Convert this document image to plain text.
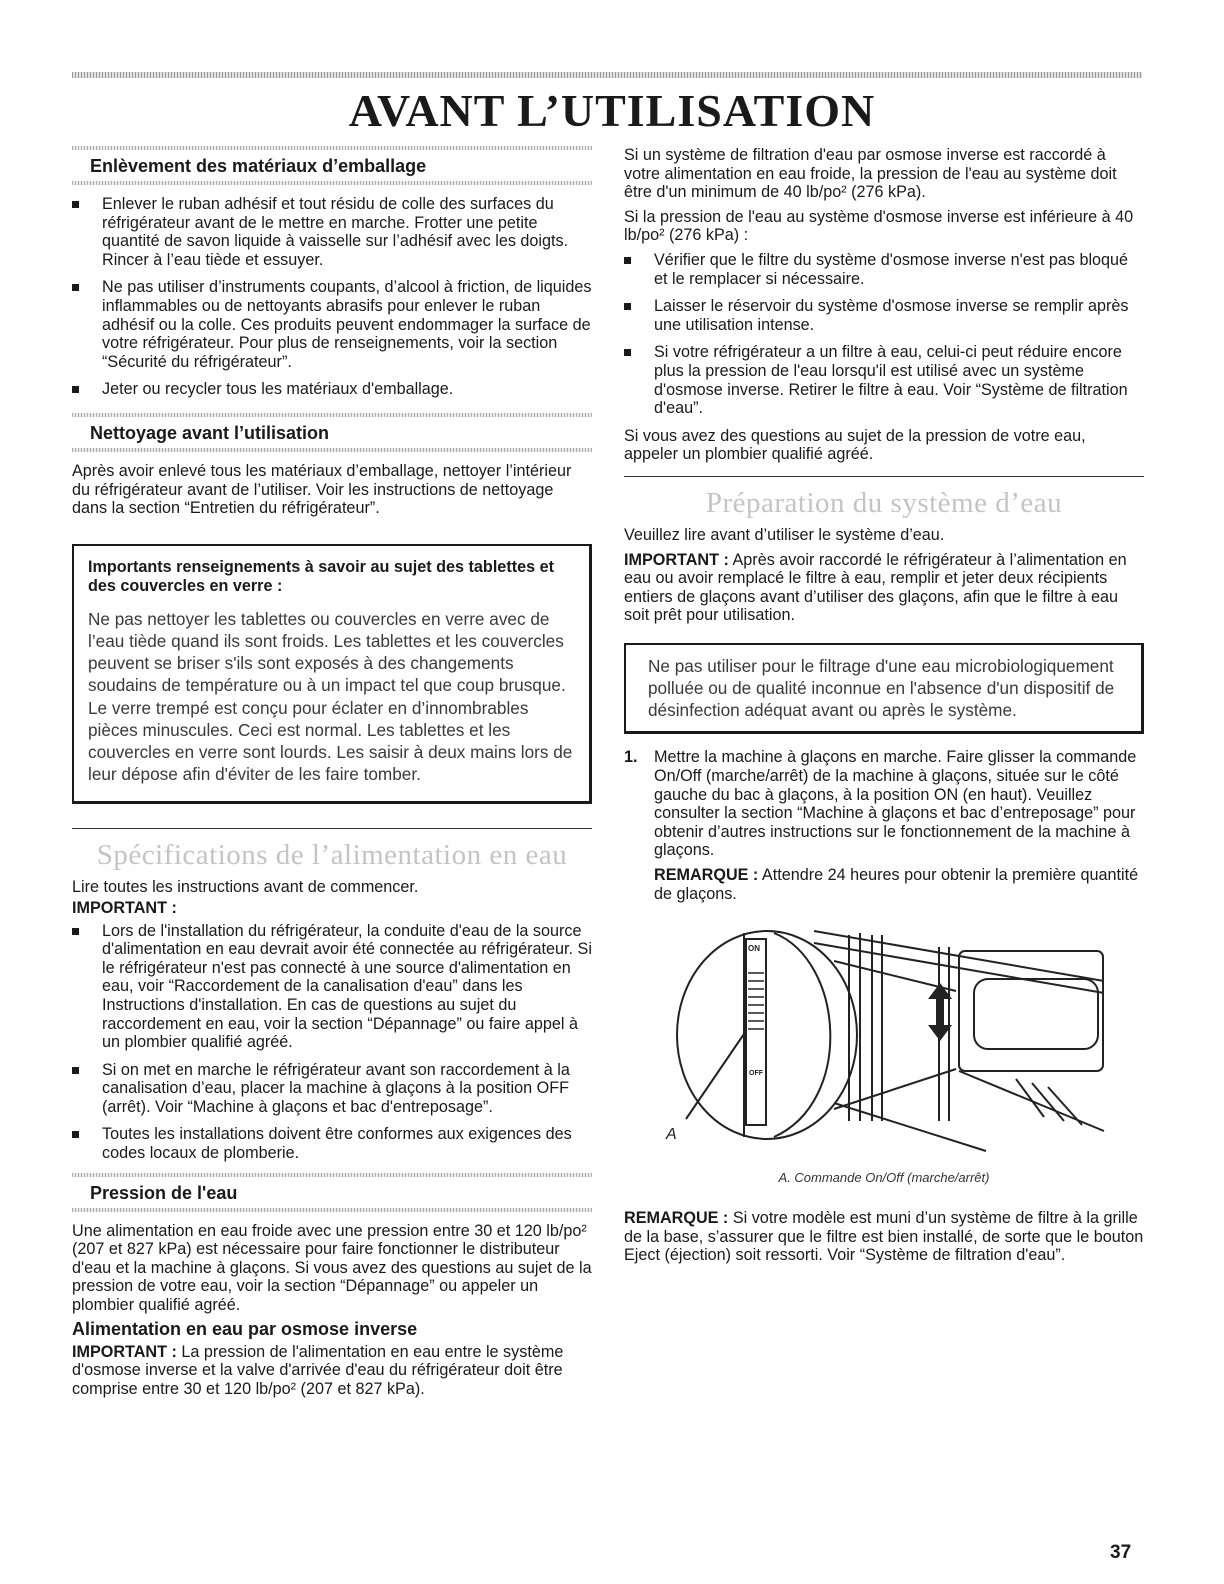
AVANT L’UTILISATION
Enlèvement des matériaux d’emballage
Enlever le ruban adhésif et tout résidu de colle des surfaces du réfrigérateur avant de le mettre en marche. Frotter une petite quantité de savon liquide à vaisselle sur l’adhésif avec les doigts. Rincer à l’eau tiède et essuyer.
Ne pas utiliser d’instruments coupants, d’alcool à friction, de liquides inflammables ou de nettoyants abrasifs pour enlever le ruban adhésif ou la colle. Ces produits peuvent endommager la surface de votre réfrigérateur. Pour plus de renseignements, voir la section “Sécurité du réfrigérateur”.
Jeter ou recycler tous les matériaux d'emballage.
Nettoyage avant l’utilisation

Après avoir enlevé tous les matériaux d’emballage, nettoyer l’intérieur du réfrigérateur avant de l’utiliser. Voir les instructions de nettoyage dans la section “Entretien du réfrigérateur”.

Importants renseignements à savoir au sujet des tablettes et des couvercles en verre :
Ne pas nettoyer les tablettes ou couvercles en verre avec de l’eau tiède quand ils sont froids. Les tablettes et les couvercles peuvent se briser s'ils sont exposés à des changements soudains de température ou à un impact tel que coup brusque. Le verre trempé est conçu pour éclater en d’innombrables pièces minuscules. Ceci est normal. Les tablettes et les couvercles en verre sont lourds. Les saisir à deux mains lors de leur dépose afin d'éviter de les faire tomber.
Spécifications de l’alimentation en eau

Lire toutes les instructions avant de commencer.

IMPORTANT :

Lors de l'installation du réfrigérateur, la conduite d'eau de la source d'alimentation en eau devrait avoir été connectée au réfrigérateur. Si le réfrigérateur n'est pas connecté à une source d'alimentation en eau, voir “Raccordement de la canalisation d'eau” dans les Instructions d'installation. En cas de questions au sujet du raccordement en eau, voir la section “Dépannage” ou faire appel à un plombier qualifié agréé.
Si on met en marche le réfrigérateur avant son raccordement à la canalisation d’eau, placer la machine à glaçons à la position OFF (arrêt). Voir “Machine à glaçons et bac d'entreposage”.
Toutes les installations doivent être conformes aux exigences des codes locaux de plomberie.
Pression de l'eau

Une alimentation en eau froide avec une pression entre 30 et 120 lb/po² (207 et 827 kPa) est nécessaire pour faire fonctionner le distributeur d'eau et la machine à glaçons. Si vous avez des questions au sujet de la pression de votre eau, voir la section “Dépannage” ou appeler un plombier qualifié agréé.

Alimentation en eau par osmose inverse

IMPORTANT : La pression de l'alimentation en eau entre le système d'osmose inverse et la valve d'arrivée d'eau du réfrigérateur doit être comprise entre 30 et 120 lb/po² (207 et 827 kPa).

Si un système de filtration d'eau par osmose inverse est raccordé à votre alimentation en eau froide, la pression de l'eau au système doit être d'un minimum de 40 lb/po² (276 kPa).

Si la pression de l'eau au système d'osmose inverse est inférieure à 40 lb/po² (276 kPa) :

Vérifier que le filtre du système d'osmose inverse n'est pas bloqué et le remplacer si nécessaire.
Laisser le réservoir du système d'osmose inverse se remplir après une utilisation intense.
Si votre réfrigérateur a un filtre à eau, celui-ci peut réduire encore plus la pression de l'eau lorsqu'il est utilisé avec un système d'osmose inverse. Retirer le filtre à eau. Voir “Système de filtration d'eau”.

Si vous avez des questions au sujet de la pression de votre eau, appeler un plombier qualifié agréé.

Préparation du système d’eau

Veuillez lire avant d’utiliser le système d’eau.

IMPORTANT : Après avoir raccordé le réfrigérateur à l’alimentation en eau ou avoir remplacé le filtre à eau, remplir et jeter deux récipients entiers de glaçons avant d’utiliser des glaçons, afin que le filtre à eau soit prêt pour utilisation.

Ne pas utiliser pour le filtrage d'une eau microbiologiquement polluée ou de qualité inconnue en l'absence d'un dispositif de désinfection adéquat avant ou après le système.
1. Mettre la machine à glaçons en marche. Faire glisser la commande On/Off (marche/arrêt) de la machine à glaçons, située sur le côté gauche du bac à glaçons, à la position ON (en haut). Veuillez consulter la section “Machine à glaçons et bac d’entreposage” pour obtenir d’autres instructions sur le fonctionnement de la machine à glaçons.

REMARQUE : Attendre 24 heures pour obtenir la première quantité de glaçons.

ON
OFF
A
A. Commande On/Off (marche/arrêt)

REMARQUE : Si votre modèle est muni d’un système de filtre à la grille de la base, s’assurer que le filtre est bien installé, de sorte que le bouton Eject (éjection) soit ressorti. Voir “Système de filtration d'eau”.

37
